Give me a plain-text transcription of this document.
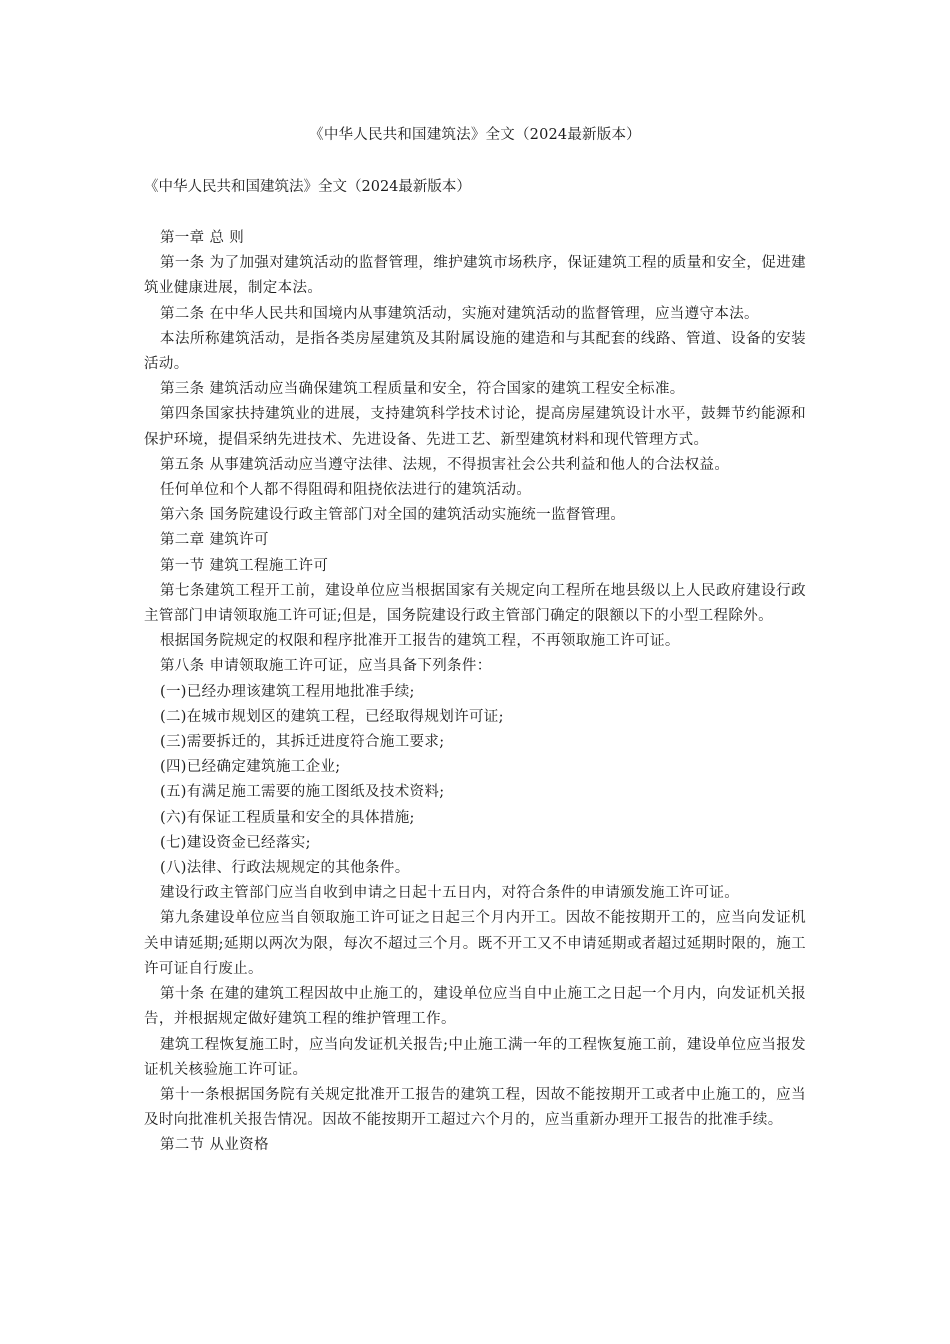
《中华人民共和国建筑法》全文（2024最新版本）
《中华人民共和国建筑法》全文（2024最新版本）

第一章 总 则

第一条 为了加强对建筑活动的监督管理，维护建筑市场秩序，保证建筑工程的质量和安全，促进建筑业健康进展，制定本法。

第二条 在中华人民共和国境内从事建筑活动，实施对建筑活动的监督管理，应当遵守本法。

本法所称建筑活动，是指各类房屋建筑及其附属设施的建造和与其配套的线路、管道、设备的安装活动。

第三条 建筑活动应当确保建筑工程质量和安全，符合国家的建筑工程安全标准。

第四条国家扶持建筑业的进展，支持建筑科学技术讨论，提高房屋建筑设计水平，鼓舞节约能源和保护环境，提倡采纳先进技术、先进设备、先进工艺、新型建筑材料和现代管理方式。

第五条 从事建筑活动应当遵守法律、法规，不得损害社会公共利益和他人的合法权益。

任何单位和个人都不得阻碍和阻挠依法进行的建筑活动。

第六条 国务院建设行政主管部门对全国的建筑活动实施统一监督管理。

第二章 建筑许可

第一节 建筑工程施工许可

第七条建筑工程开工前，建设单位应当根据国家有关规定向工程所在地县级以上人民政府建设行政主管部门申请领取施工许可证;但是，国务院建设行政主管部门确定的限额以下的小型工程除外。

根据国务院规定的权限和程序批准开工报告的建筑工程，不再领取施工许可证。

第八条 申请领取施工许可证，应当具备下列条件：

(一)已经办理该建筑工程用地批准手续;

(二)在城市规划区的建筑工程，已经取得规划许可证;

(三)需要拆迁的，其拆迁进度符合施工要求;

(四)已经确定建筑施工企业;

(五)有满足施工需要的施工图纸及技术资料;

(六)有保证工程质量和安全的具体措施;

(七)建设资金已经落实;

(八)法律、行政法规规定的其他条件。

建设行政主管部门应当自收到申请之日起十五日内，对符合条件的申请颁发施工许可证。

第九条建设单位应当自领取施工许可证之日起三个月内开工。因故不能按期开工的，应当向发证机关申请延期;延期以两次为限，每次不超过三个月。既不开工又不申请延期或者超过延期时限的，施工许可证自行废止。

第十条 在建的建筑工程因故中止施工的，建设单位应当自中止施工之日起一个月内，向发证机关报告，并根据规定做好建筑工程的维护管理工作。

建筑工程恢复施工时，应当向发证机关报告;中止施工满一年的工程恢复施工前，建设单位应当报发证机关核验施工许可证。

第十一条根据国务院有关规定批准开工报告的建筑工程，因故不能按期开工或者中止施工的，应当及时向批准机关报告情况。因故不能按期开工超过六个月的，应当重新办理开工报告的批准手续。

第二节 从业资格
